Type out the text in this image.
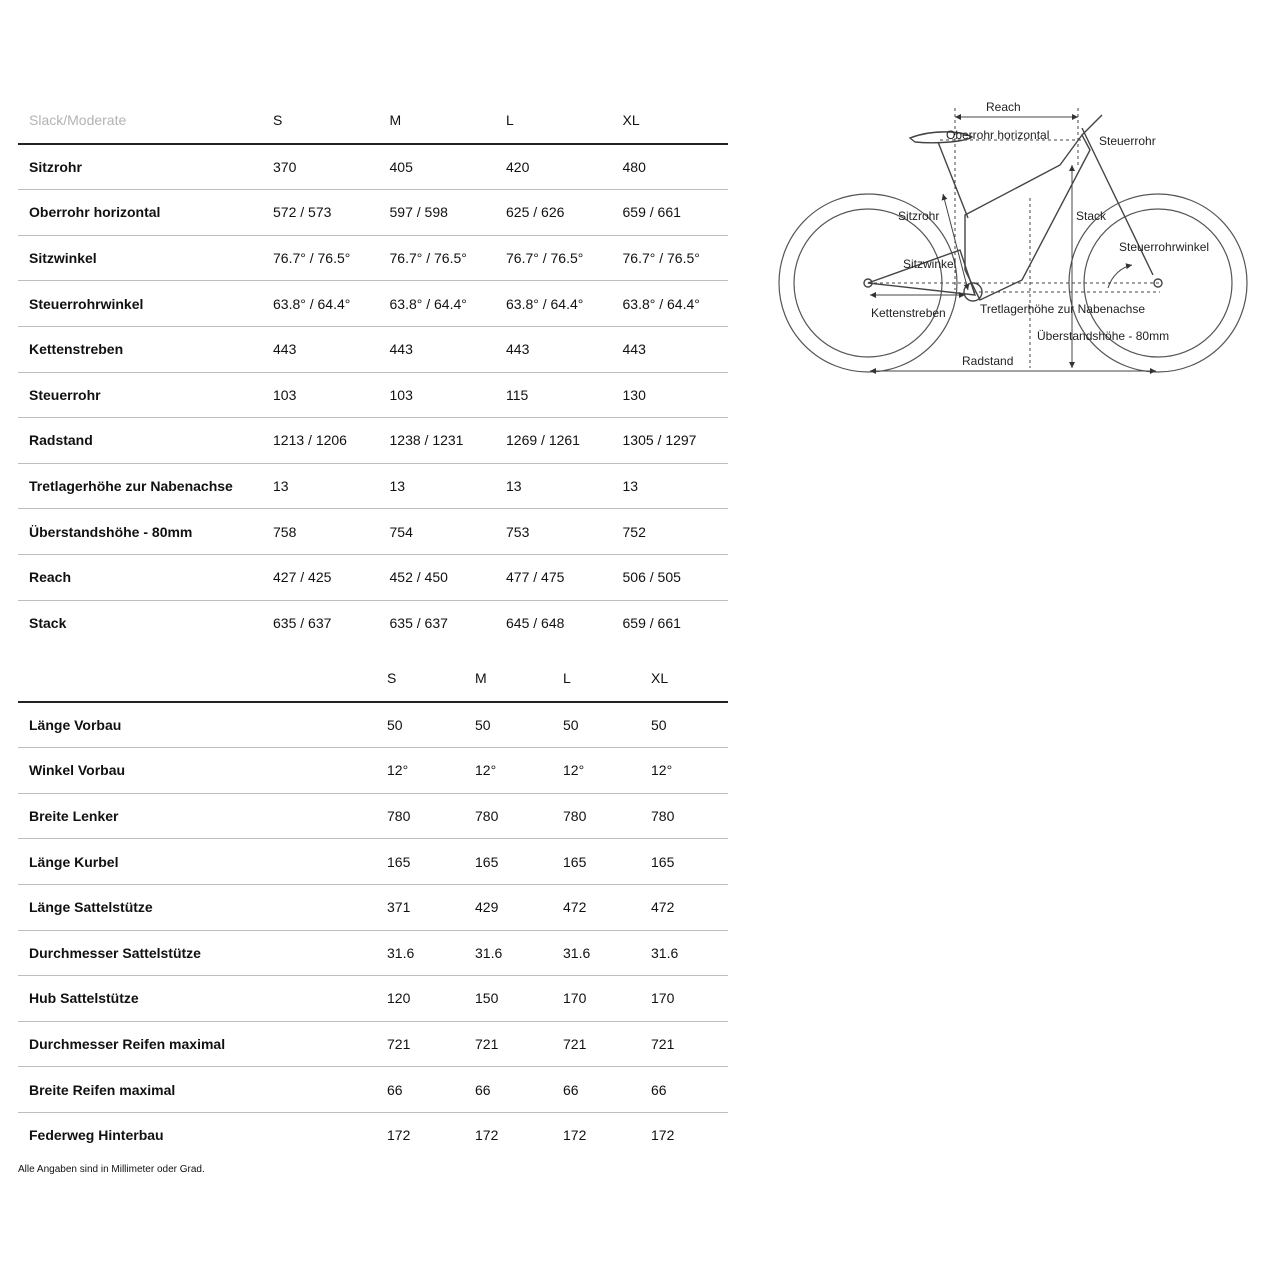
Slack/Moderate	S	M	L	XL
Sitzrohr	370	405	420	480
Oberrohr horizontal	572 / 573	597 / 598	625 / 626	659 / 661
Sitzwinkel	76.7° / 76.5°	76.7° / 76.5°	76.7° / 76.5°	76.7° / 76.5°
Steuerrohrwinkel	63.8° / 64.4°	63.8° / 64.4°	63.8° / 64.4°	63.8° / 64.4°
Kettenstreben	443	443	443	443
Steuerrohr	103	103	115	130
Radstand	1213 / 1206	1238 / 1231	1269 / 1261	1305 / 1297
Tretlagerhöhe zur Nabenachse	13	13	13	13
Überstandshöhe - 80mm	758	754	753	752
Reach	427 / 425	452 / 450	477 / 475	506 / 505
Stack	635 / 637	635 / 637	645 / 648	659 / 661
	S	M	L	XL
Länge Vorbau	50	50	50	50
Winkel Vorbau	12°	12°	12°	12°
Breite Lenker	780	780	780	780
Länge Kurbel	165	165	165	165
Länge Sattelstütze	371	429	472	472
Durchmesser Sattelstütze	31.6	31.6	31.6	31.6
Hub Sattelstütze	120	150	170	170
Durchmesser Reifen maximal	721	721	721	721
Breite Reifen maximal	66	66	66	66
Federweg Hinterbau	172	172	172	172
Alle Angaben sind in Millimeter oder Grad.
Reach
Oberrohr horizontal	Steuerrohr
Sitzrohr	Stack
Steuerrohrwinkel
Sitzwinkel
Tretlagerhöhe zur Nabenachse
Kettenstreben
Überstandshöhe - 80mm
Radstand
